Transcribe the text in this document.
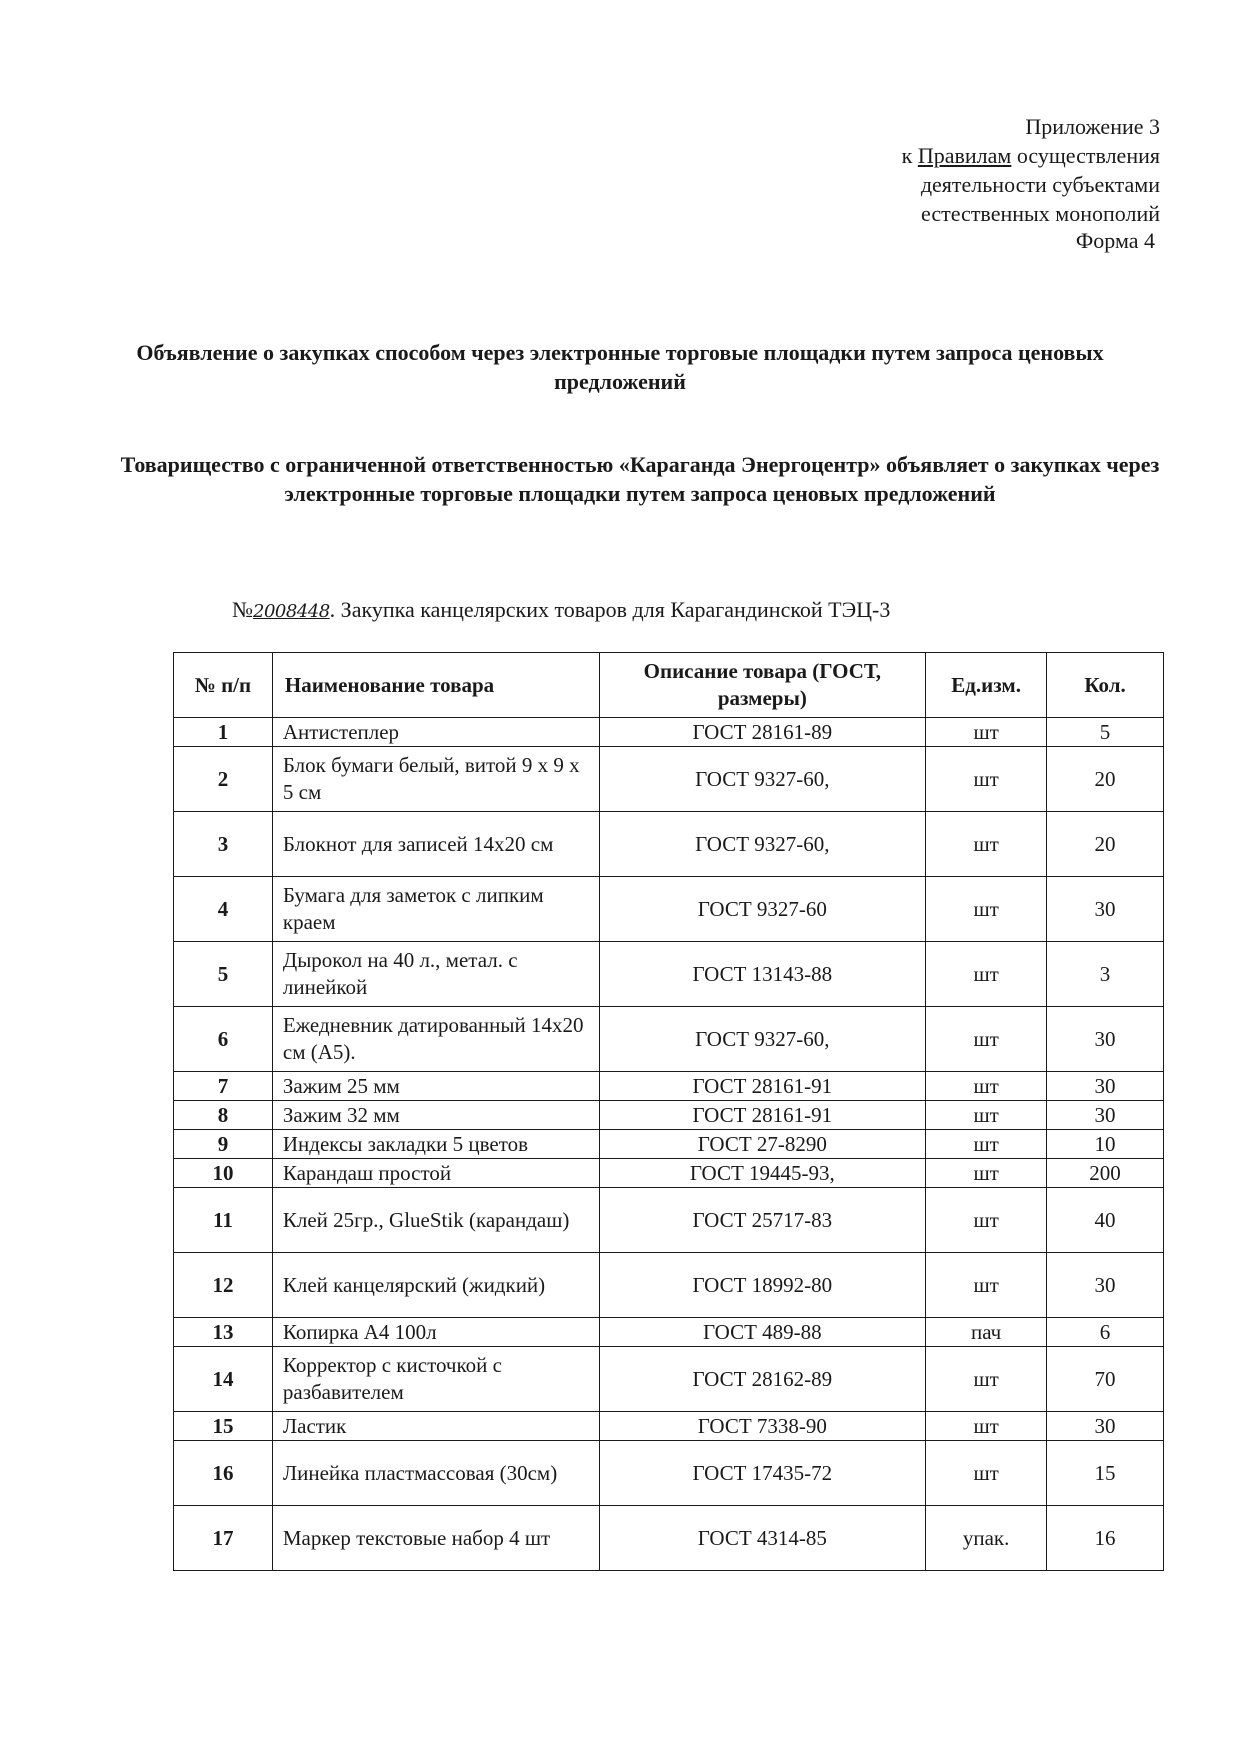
Приложение 3
к Правилам осуществления
деятельности субъектами
естественных монополий
Форма 4
Объявление о закупках способом через электронные торговые площадки путем запроса ценовых предложений
Товарищество с ограниченной ответственностью «Караганда Энергоцентр» объявляет о закупках через электронные торговые площадки путем запроса ценовых предложений
№2008448. Закупка канцелярских товаров для Карагандинской ТЭЦ-3
№ п/п	Наименование товара	Описание товара (ГОСТ, размеры)	Ед.изм.	Кол.
1	Антистеплер	ГОСТ 28161-89	шт	5
2	Блок бумаги белый, витой 9 х 9 х 5 см	ГОСТ 9327-60,	шт	20
3	Блокнот для записей 14х20 см	ГОСТ 9327-60,	шт	20
4	Бумага для заметок с липким краем	ГОСТ 9327-60	шт	30
5	Дырокол на 40 л., метал. с линейкой	ГОСТ 13143-88	шт	3
6	Ежедневник датированный 14х20 см (А5).	ГОСТ 9327-60,	шт	30
7	Зажим 25 мм	ГОСТ 28161-91	шт	30
8	Зажим 32 мм	ГОСТ 28161-91	шт	30
9	Индексы закладки 5 цветов	ГОСТ 27-8290	шт	10
10	Карандаш простой	ГОСТ 19445-93,	шт	200
11	Клей 25гр., GlueStik (карандаш)	ГОСТ 25717-83	шт	40
12	Клей канцелярский (жидкий)	ГОСТ 18992-80	шт	30
13	Копирка А4 100л	ГОСТ 489-88	пач	6
14	Корректор с кисточкой с разбавителем	ГОСТ 28162-89	шт	70
15	Ластик	ГОСТ 7338-90	шт	30
16	Линейка пластмассовая (30см)	ГОСТ 17435-72	шт	15
17	Маркер текстовые набор 4 шт	ГОСТ 4314-85	упак.	16
